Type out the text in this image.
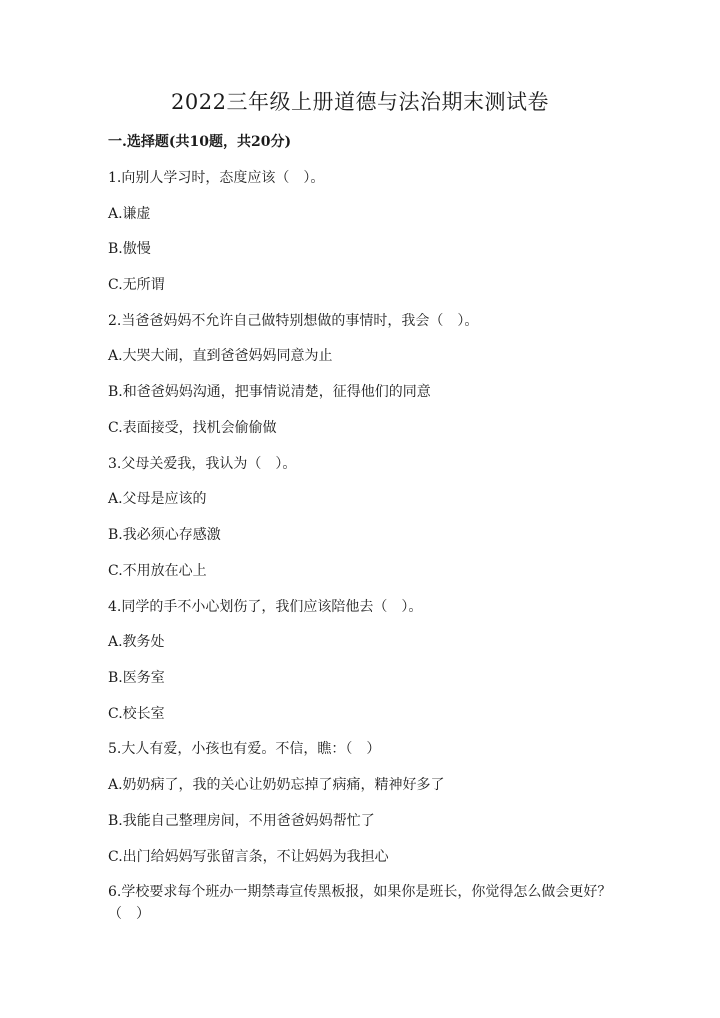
2022三年级上册道德与法治期末测试卷
一.选择题(共10题，共20分)
1.向别人学习时，态度应该（　）。
A.谦虚
B.傲慢
C.无所谓
2.当爸爸妈妈不允许自己做特别想做的事情时，我会（　）。
A.大哭大闹，直到爸爸妈妈同意为止
B.和爸爸妈妈沟通，把事情说清楚，征得他们的同意
C.表面接受，找机会偷偷做
3.父母关爱我，我认为（　）。
A.父母是应该的
B.我必须心存感激
C.不用放在心上
4.同学的手不小心划伤了，我们应该陪他去（　）。
A.教务处
B.医务室
C.校长室
5.大人有爱，小孩也有爱。不信，瞧：（　）
A.奶奶病了，我的关心让奶奶忘掉了病痛，精神好多了
B.我能自己整理房间，不用爸爸妈妈帮忙了
C.出门给妈妈写张留言条，不让妈妈为我担心
6.学校要求每个班办一期禁毒宣传黑板报，如果你是班长，你觉得怎么做会更好？（　）
